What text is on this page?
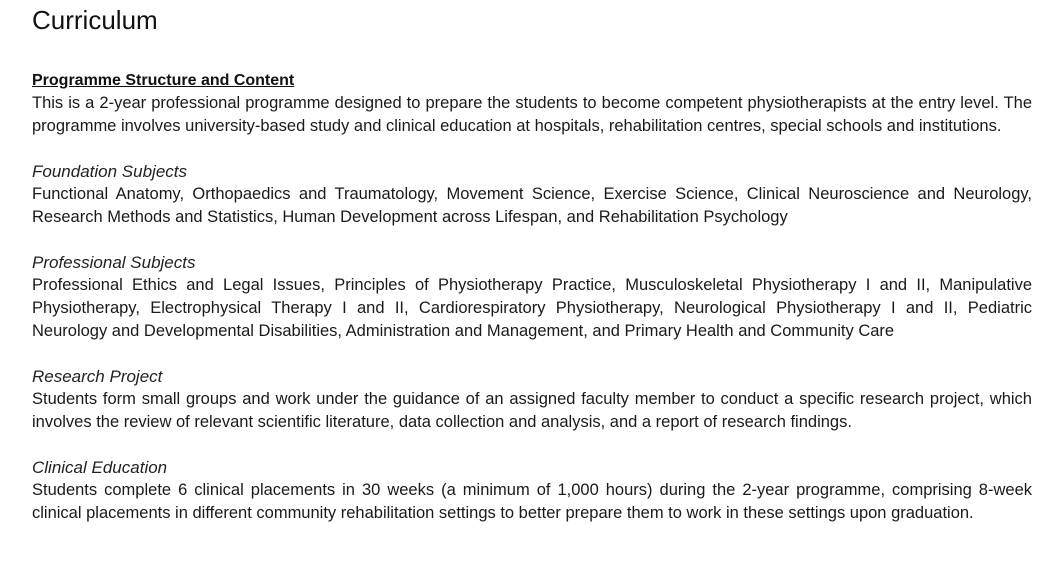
Curriculum
Programme Structure and Content

This is a 2-year professional programme designed to prepare the students to become competent physiotherapists at the entry level. The programme involves university-based study and clinical education at hospitals, rehabilitation centres, special schools and institutions.

Foundation Subjects

Functional Anatomy, Orthopaedics and Traumatology, Movement Science, Exercise Science, Clinical Neuroscience and Neurology, Research Methods and Statistics, Human Development across Lifespan, and Rehabilitation Psychology

Professional Subjects

Professional Ethics and Legal Issues, Principles of Physiotherapy Practice, Musculoskeletal Physiotherapy I and II, Manipulative Physiotherapy, Electrophysical Therapy I and II, Cardiorespiratory Physiotherapy, Neurological Physiotherapy I and II, Pediatric Neurology and Developmental Disabilities, Administration and Management, and Primary Health and Community Care

Research Project

Students form small groups and work under the guidance of an assigned faculty member to conduct a specific research project, which involves the review of relevant scientific literature, data collection and analysis, and a report of research findings.

Clinical Education

Students complete 6 clinical placements in 30 weeks (a minimum of 1,000 hours) during the 2-year programme, comprising 8-week clinical placements in different community rehabilitation settings to better prepare them to work in these settings upon graduation.
